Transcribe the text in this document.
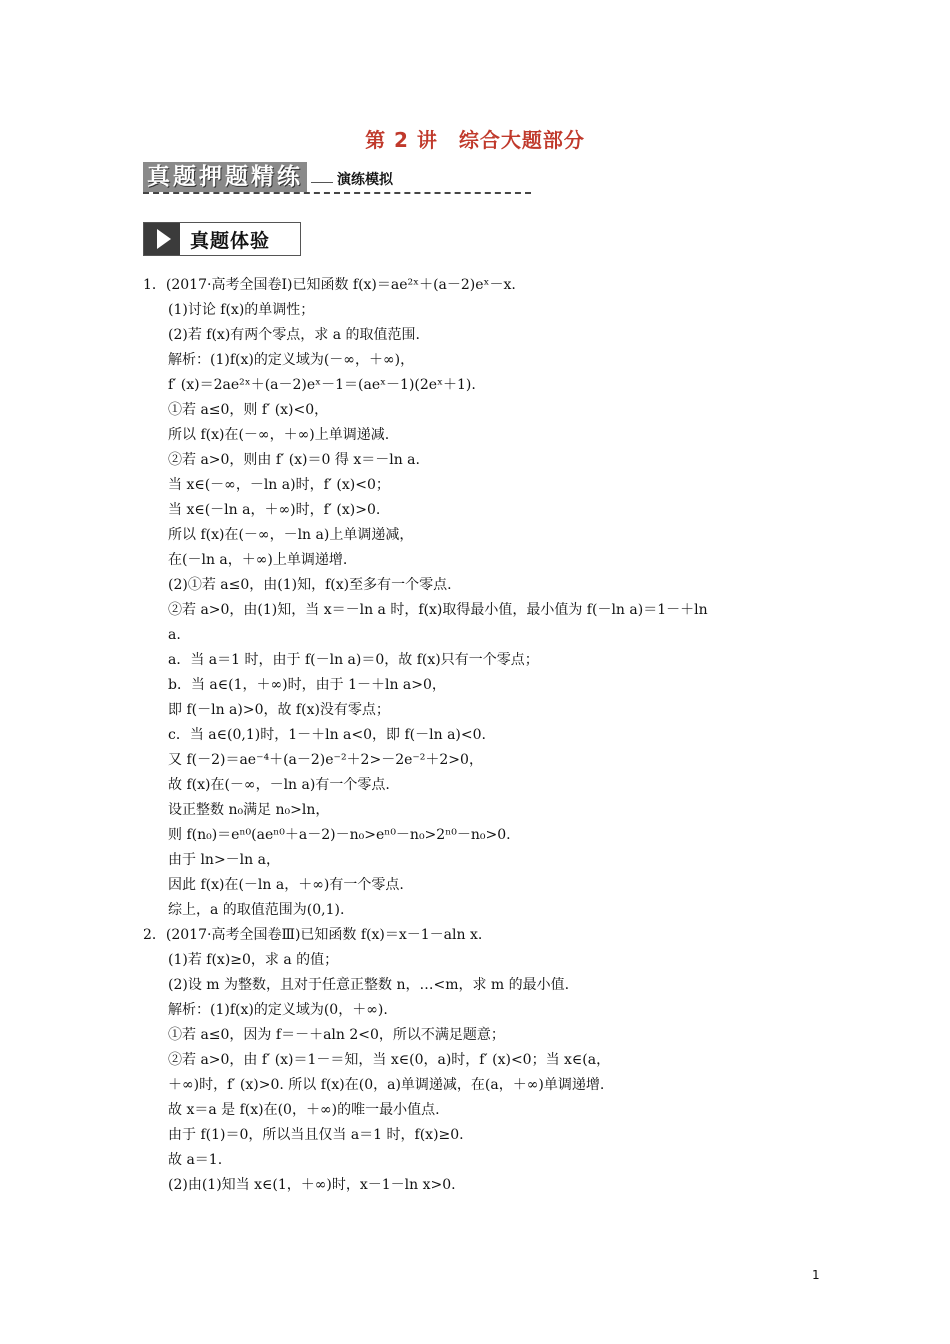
第 2 讲　综合大题部分
真题押题精练	演练模拟
真题体验
1．(2017·高考全国卷Ⅰ)已知函数 f(x)＝ae²ˣ＋(a－2)eˣ－x.
(1)讨论 f(x)的单调性；
(2)若 f(x)有两个零点，求 a 的取值范围.
解析：(1)f(x)的定义域为(－∞，＋∞)，
f′ (x)＝2ae²ˣ＋(a－2)eˣ－1＝(aeˣ－1)(2eˣ＋1).
①若 a≤0，则 f′ (x)<0，
所以 f(x)在(－∞，＋∞)上单调递减.
②若 a>0，则由 f′ (x)＝0 得 x＝－ln a.
当 x∈(－∞，－ln a)时，f′ (x)<0；
当 x∈(－ln a，＋∞)时，f′ (x)>0.
所以 f(x)在(－∞，－ln a)上单调递减，
在(－ln a，＋∞)上单调递增.
(2)①若 a≤0，由(1)知，f(x)至多有一个零点.
②若 a>0，由(1)知，当 x＝－ln a 时，f(x)取得最小值，最小值为 f(－ln a)＝1－＋ln
a.
a．当 a＝1 时，由于 f(－ln a)＝0，故 f(x)只有一个零点；
b．当 a∈(1，＋∞)时，由于 1－＋ln a>0，
即 f(－ln a)>0，故 f(x)没有零点；
c．当 a∈(0,1)时，1－＋ln a<0，即 f(－ln a)<0.
又 f(－2)＝ae⁻⁴＋(a－2)e⁻²＋2>－2e⁻²＋2>0，
故 f(x)在(－∞，－ln a)有一个零点.
设正整数 n₀满足 n₀>ln，
则 f(n₀)＝eⁿ⁰(aeⁿ⁰＋a－2)－n₀>eⁿ⁰－n₀>2ⁿ⁰－n₀>0.
由于 ln>－ln a，
因此 f(x)在(－ln a，＋∞)有一个零点.
综上，a 的取值范围为(0,1).
2．(2017·高考全国卷Ⅲ)已知函数 f(x)＝x－1－aln x.
(1)若 f(x)≥0，求 a 的值；
(2)设 m 为整数，且对于任意正整数 n，…<m，求 m 的最小值.
解析：(1)f(x)的定义域为(0，＋∞).
①若 a≤0，因为 f＝－＋aln 2<0，所以不满足题意；
②若 a>0，由 f′ (x)＝1－＝知，当 x∈(0，a)时，f′ (x)<0；当 x∈(a，
＋∞)时，f′ (x)>0. 所以 f(x)在(0，a)单调递减，在(a，＋∞)单调递增.
故 x＝a 是 f(x)在(0，＋∞)的唯一最小值点.
由于 f(1)＝0，所以当且仅当 a＝1 时，f(x)≥0.
故 a＝1.
(2)由(1)知当 x∈(1，＋∞)时，x－1－ln x>0.
1
